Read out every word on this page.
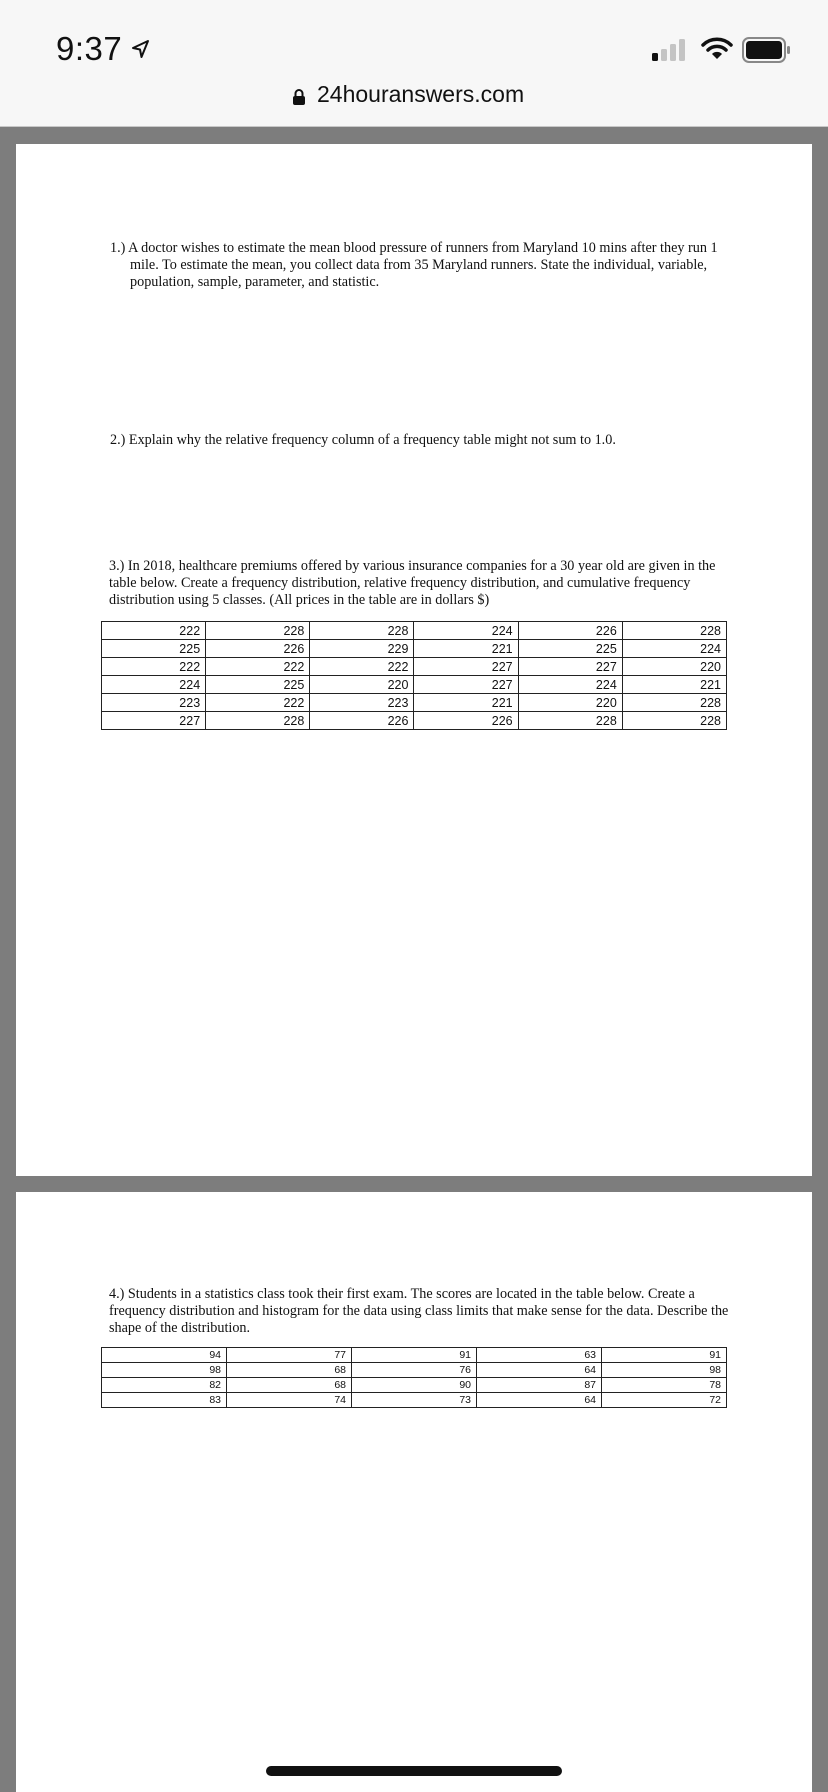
9:37
24houranswers.com

1.) A doctor wishes to estimate the mean blood pressure of runners from Maryland 10 mins after they run 1 mile. To estimate the mean, you collect data from 35 Maryland runners. State the individual, variable, population, sample, parameter, and statistic.

2.) Explain why the relative frequency column of a frequency table might not sum to 1.0.

3.) In 2018, healthcare premiums offered by various insurance companies for a 30 year old are given in the table below. Create a frequency distribution, relative frequency distribution, and cumulative frequency distribution using 5 classes. (All prices in the table are in dollars $)

222	228	228	224	226	228
225	226	229	221	225	224
222	222	222	227	227	220
224	225	220	227	224	221
223	222	223	221	220	228
227	228	226	226	228	228

4.) Students in a statistics class took their first exam. The scores are located in the table below. Create a frequency distribution and histogram for the data using class limits that make sense for the data. Describe the shape of the distribution.

94	77	91	63	91
98	68	76	64	98
82	68	90	87	78
83	74	73	64	72
